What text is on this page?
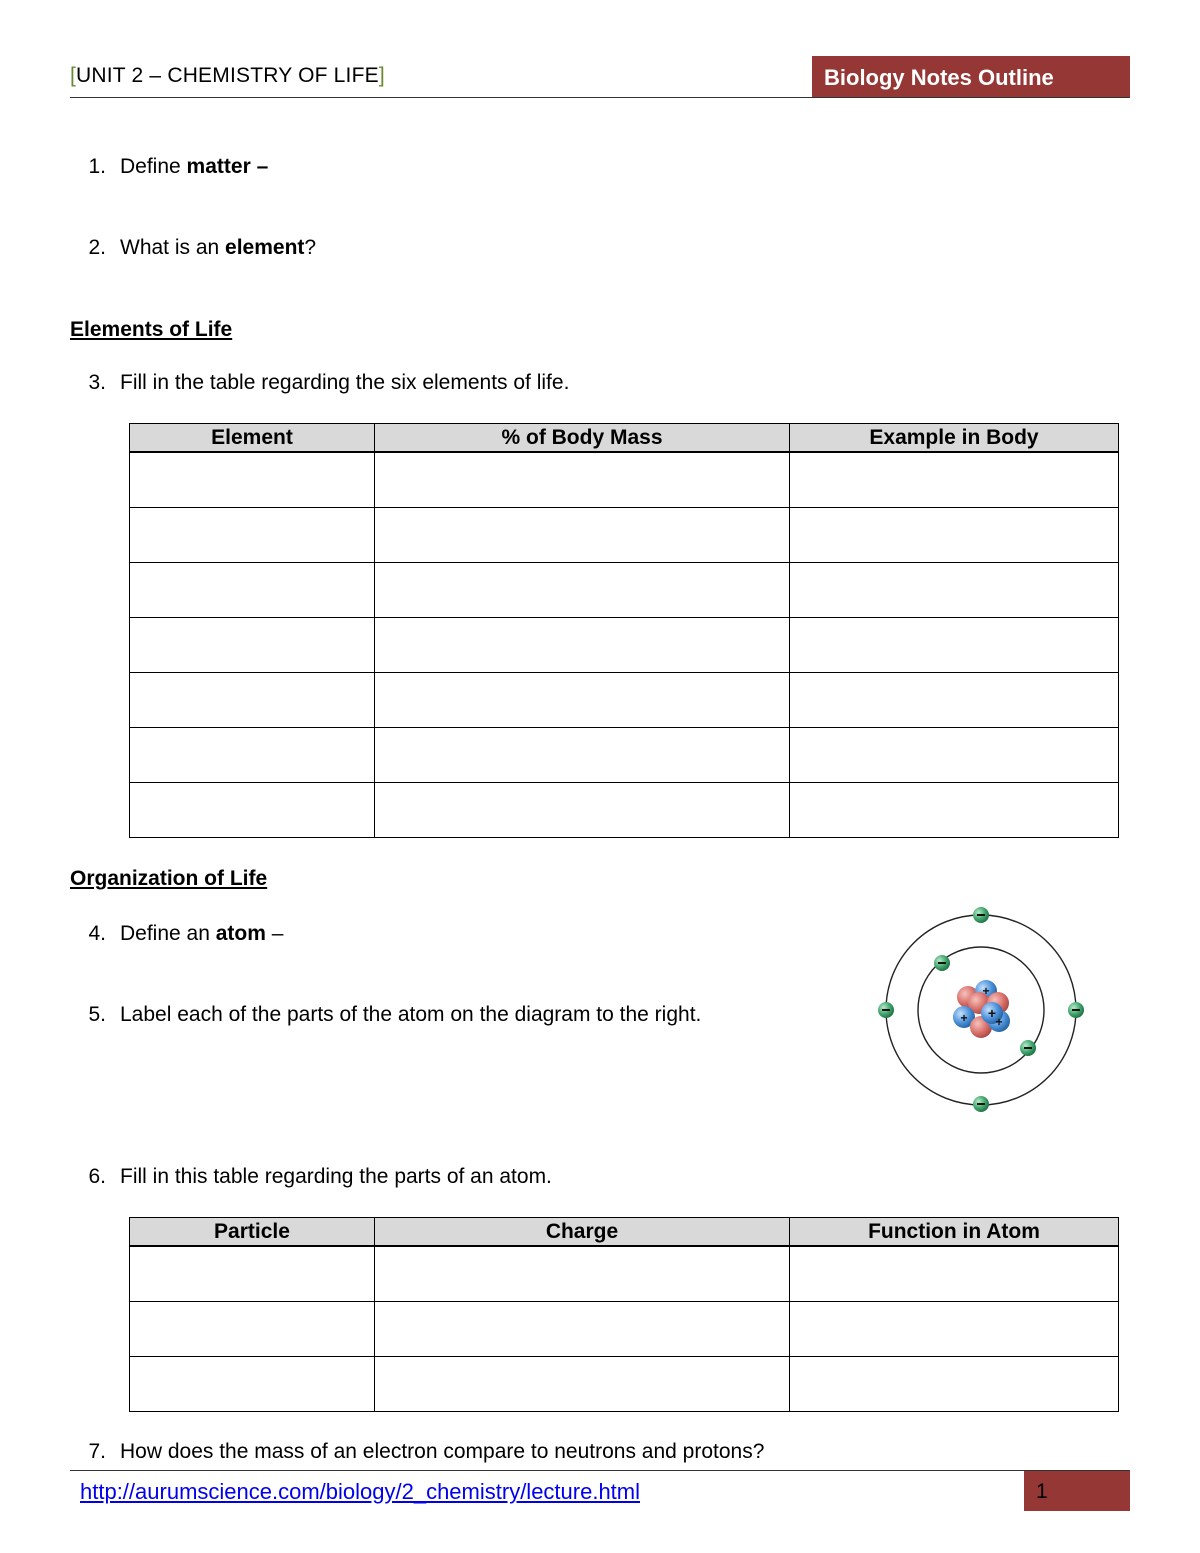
[UNIT 2 – CHEMISTRY OF LIFE]	Biology Notes Outline
1. Define matter –
2. What is an element?
Elements of Life
3. Fill in the table regarding the six elements of life.
Element	% of Body Mass	Example in Body

Organization of Life
4. Define an atom –
5. Label each of the parts of the atom on the diagram to the right.
+
+
+
+
6. Fill in this table regarding the parts of an atom.
Particle	Charge	Function in Atom

7. How does the mass of an electron compare to neutrons and protons?
http://aurumscience.com/biology/2_chemistry/lecture.html	1
